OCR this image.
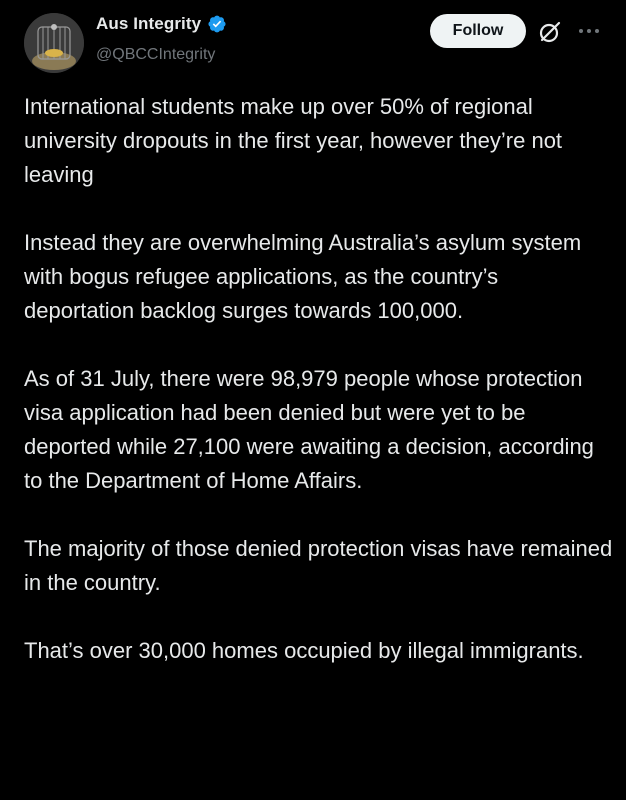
Aus Integrity
@QBCCIntegrity
Follow

International students make up over 50% of regional university dropouts in the first year, however they’re not leaving

Instead they are overwhelming Australia’s asylum system with bogus refugee applications, as the country’s deportation backlog surges towards 100,000.

As of 31 July, there were 98,979 people whose protection visa application had been denied but were yet to be deported while 27,100 were awaiting a decision, according to the Department of Home Affairs.

The majority of those denied protection visas have remained in the country.

That’s over 30,000 homes occupied by illegal immigrants.
